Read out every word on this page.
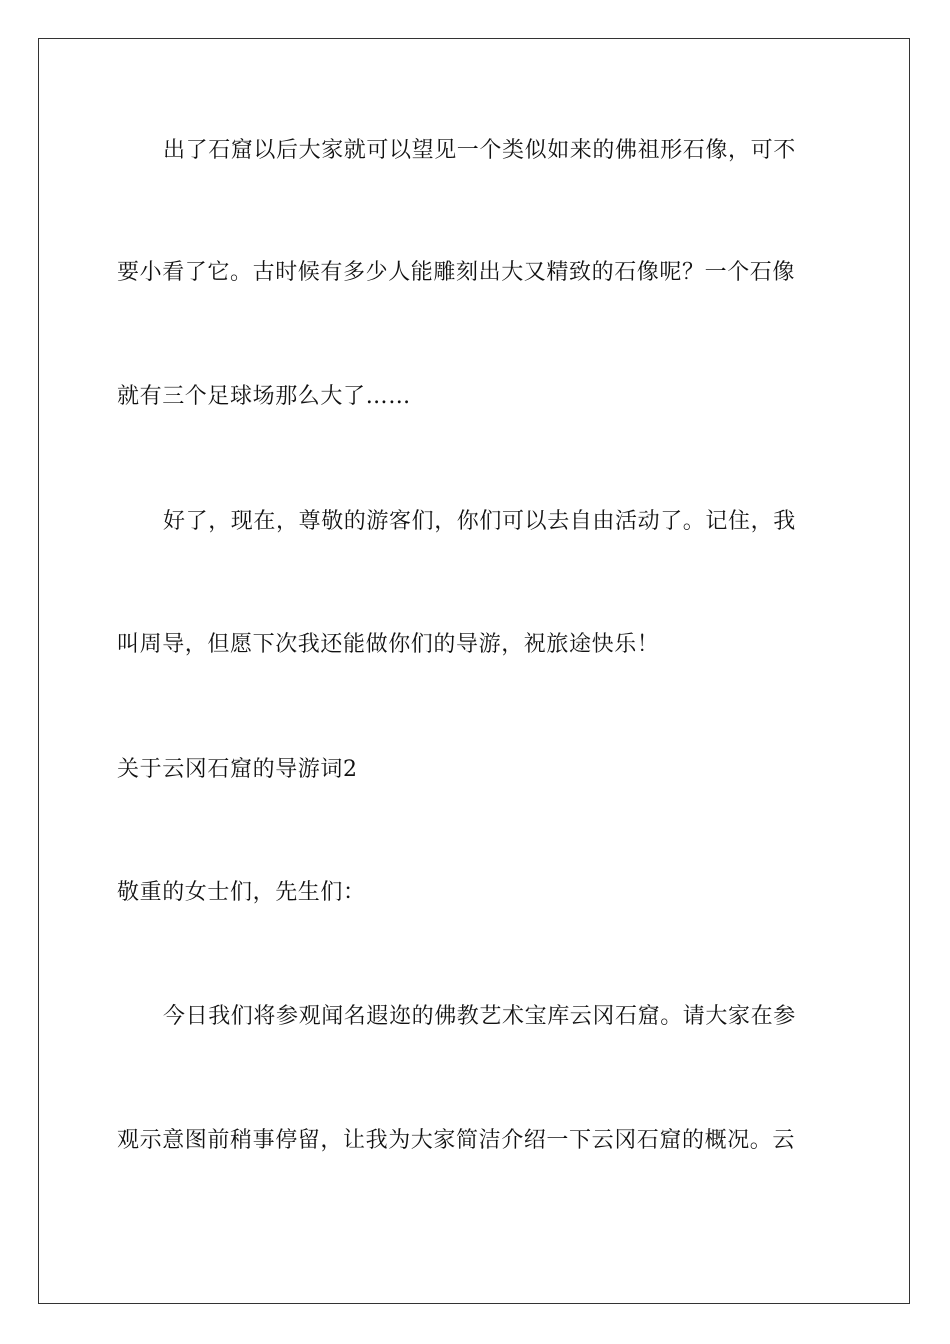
出了石窟以后大家就可以望见一个类似如来的佛祖形石像，可不
要小看了它。古时候有多少人能雕刻出大又精致的石像呢？一个石像
就有三个足球场那么大了……
好了，现在，尊敬的游客们，你们可以去自由活动了。记住，我
叫周导，但愿下次我还能做你们的导游，祝旅途快乐！
关于云冈石窟的导游词2
敬重的女士们，先生们：
今日我们将参观闻名遐迩的佛教艺术宝库云冈石窟。请大家在参
观示意图前稍事停留，让我为大家简洁介绍一下云冈石窟的概况。云
